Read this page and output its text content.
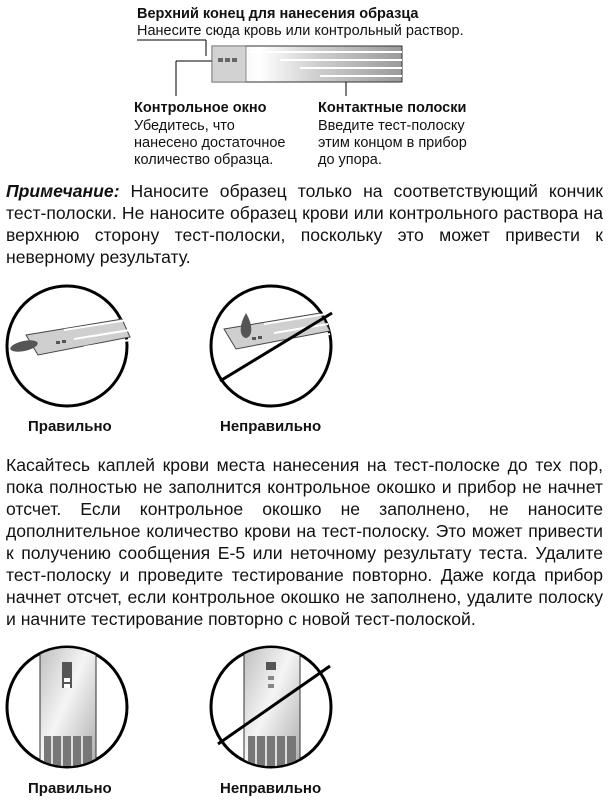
Верхний конец для нанесения образца
Нанесите сюда кровь или контрольный раствор.
Контрольное окно
Убедитесь, что
нанесено достаточное
количество образца.
Контактные полоски
Введите тест-полоску
этим концом в прибор
до упора.
Примечание: Наносите образец только на соответствующий кончик тест-полоски. Не наносите образец крови или контрольного раствора на верхнюю сторону тест-полоски, поскольку это может привести к неверному результату.
Правильно	Неправильно
Касайтесь каплей крови места нанесения на тест-полоске до тех пор, пока полностью не заполнится контрольное окошко и прибор не начнет отсчет. Если контрольное окошко не заполнено, не наносите дополнительное количество крови на тест-полоску. Это может привести к получению сообщения E-5 или неточному результату теста. Удалите тест-полоску и проведите тестирование повторно. Даже когда прибор начнет отсчет, если контрольное окошко не заполнено, удалите полоску и начните тестирование повторно с новой тест-полоской.
Правильно	Неправильно
